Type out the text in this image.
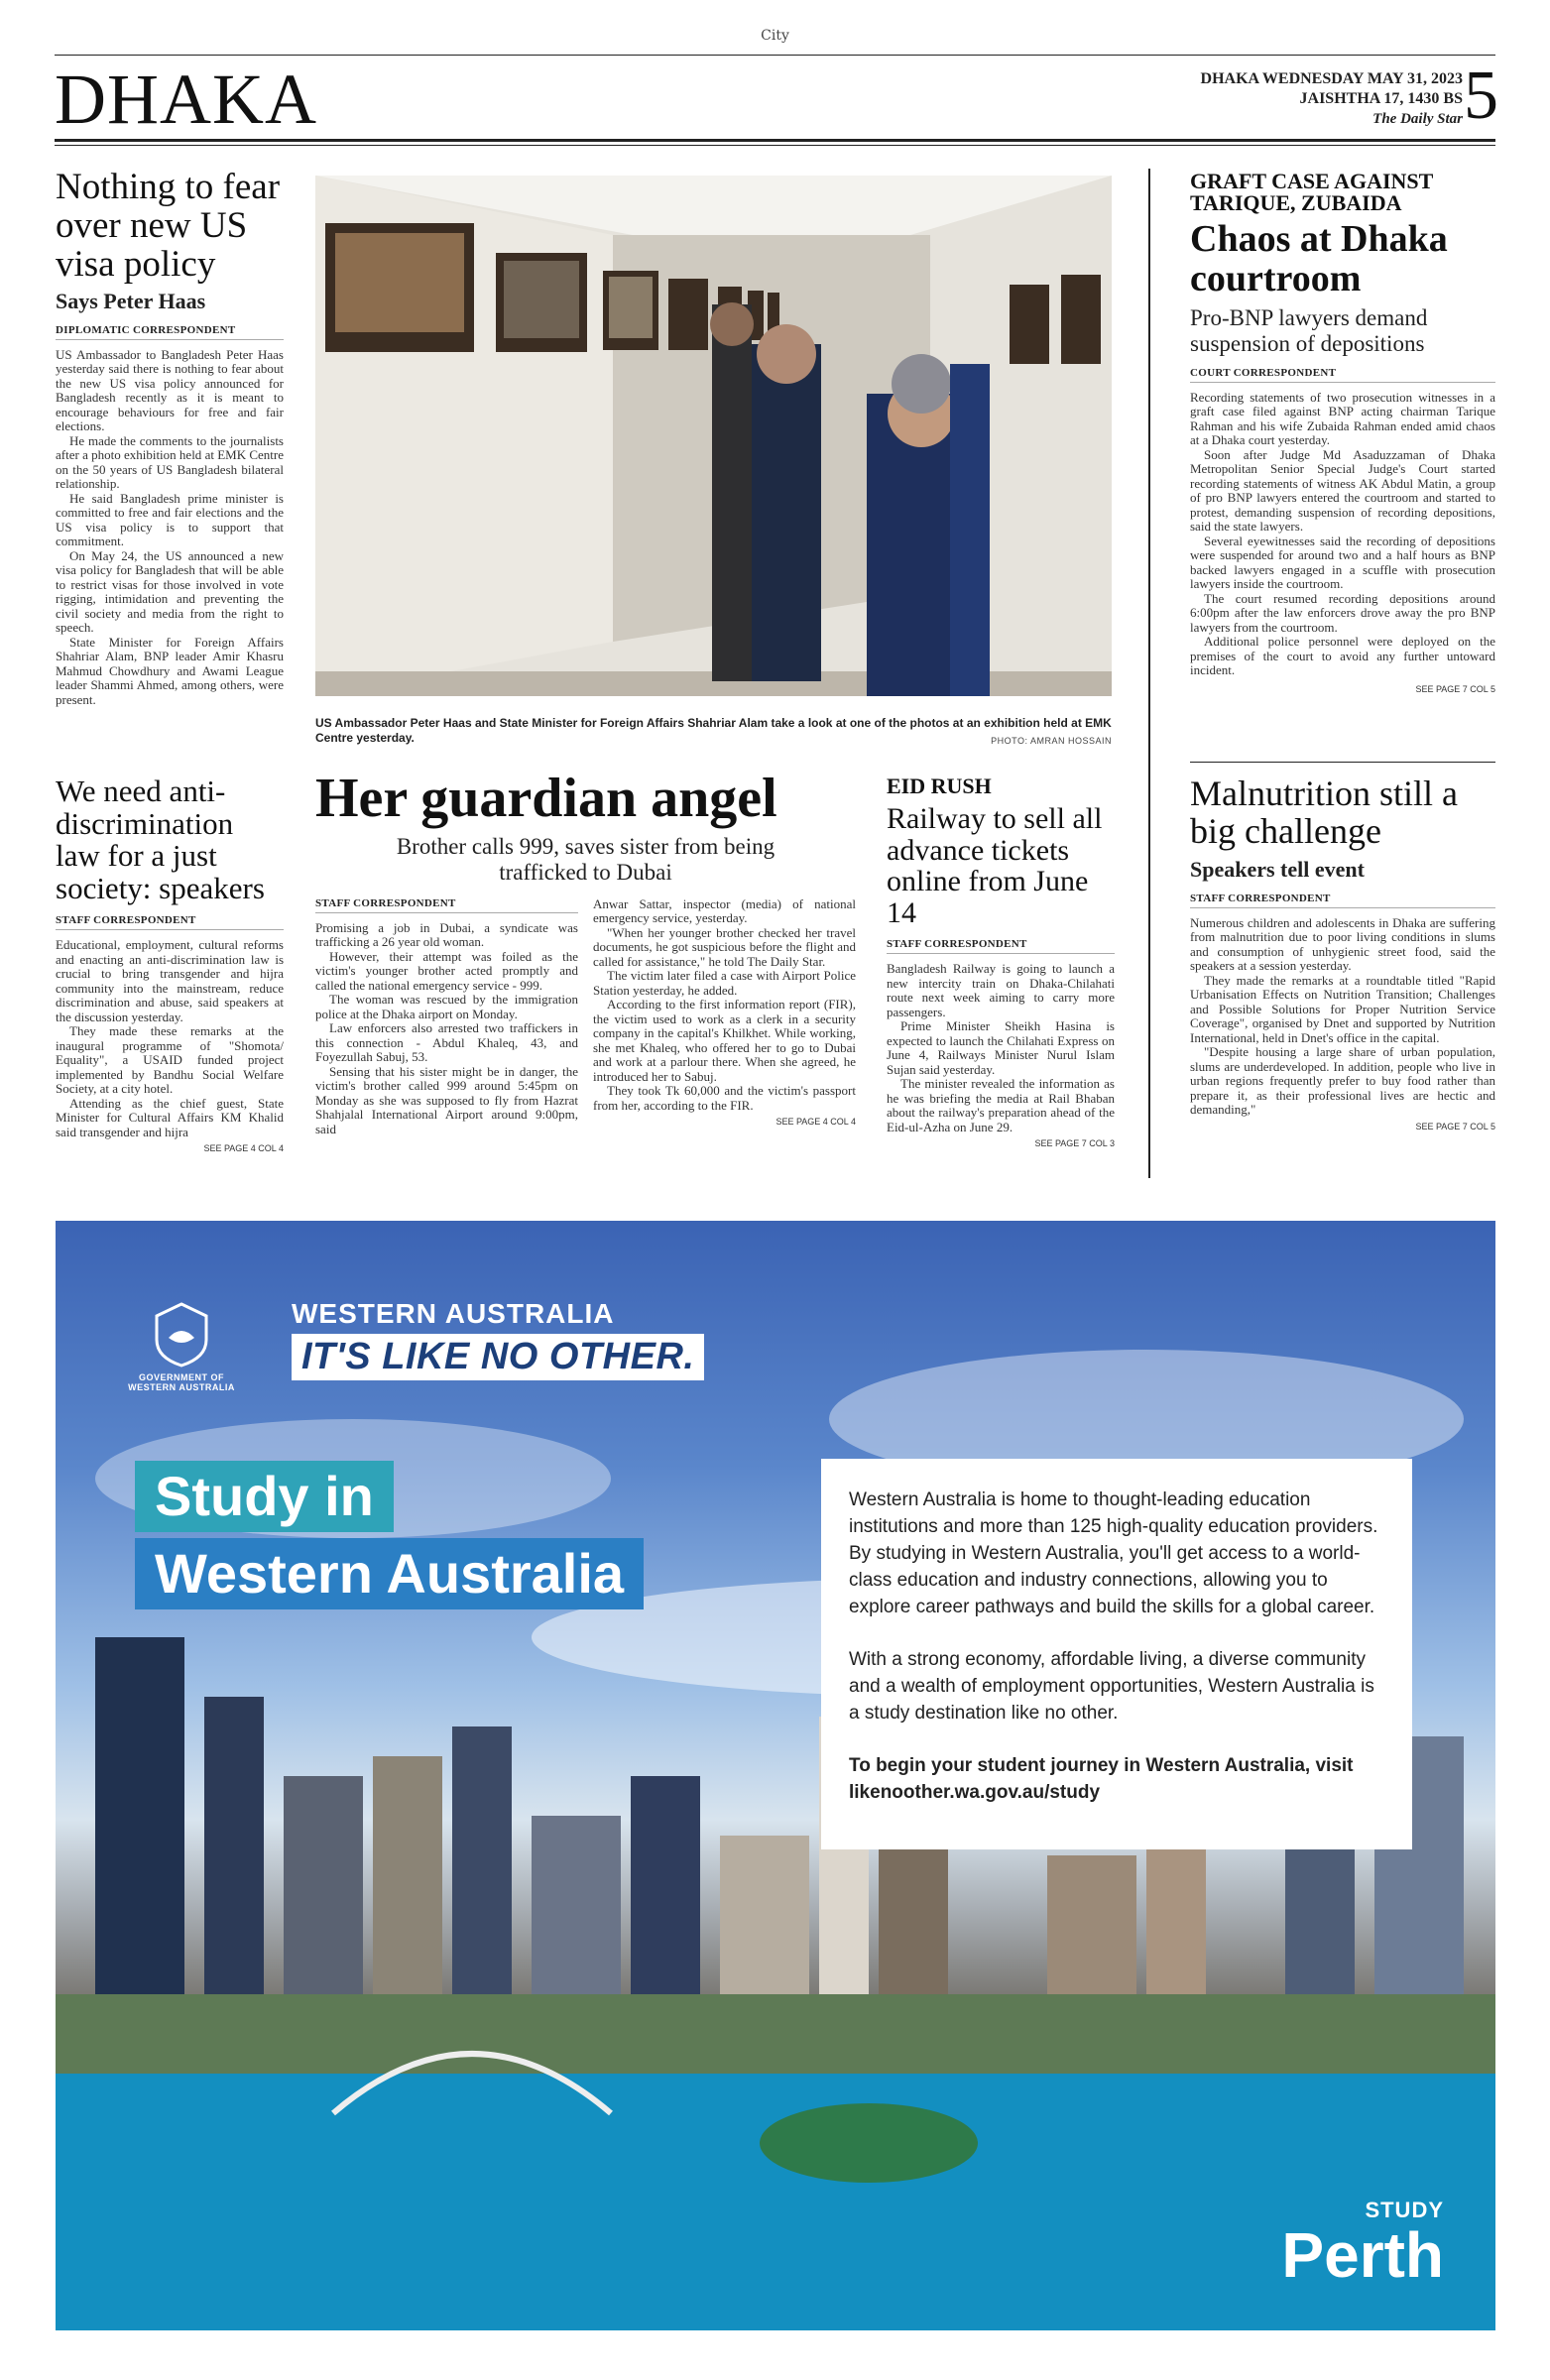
City
DHAKA	DHAKA WEDNESDAY MAY 31, 2023
JAISHTHA 17, 1430 BS
The Daily Star 5
Nothing to fear over new US visa policy
Says Peter Haas
DIPLOMATIC CORRESPONDENT

US Ambassador to Bangladesh Peter Haas yesterday said there is nothing to fear about the new US visa policy announced for Bangladesh recently as it is meant to encourage behaviours for free and fair elections.

He made the comments to the journalists after a photo exhibition held at EMK Centre on the 50 years of US Bangladesh bilateral relationship.

He said Bangladesh prime minister is committed to free and fair elections and the US visa policy is to support that commitment.

On May 24, the US announced a new visa policy for Bangladesh that will be able to restrict visas for those involved in vote rigging, intimidation and preventing the civil society and media from the right to speech.

State Minister for Foreign Affairs Shahriar Alam, BNP leader Amir Khasru Mahmud Chowdhury and Awami League leader Shammi Ahmed, among others, were present.

US Ambassador Peter Haas and State Minister for Foreign Affairs Shahriar Alam take a look at one of the photos at an exhibition held at EMK Centre yesterday.	PHOTO: AMRAN HOSSAIN
GRAFT CASE AGAINST TARIQUE, ZUBAIDA
Chaos at Dhaka courtroom
Pro-BNP lawyers demand suspension of depositions
COURT CORRESPONDENT

Recording statements of two prosecution witnesses in a graft case filed against BNP acting chairman Tarique Rahman and his wife Zubaida Rahman ended amid chaos at a Dhaka court yesterday.

Soon after Judge Md Asaduzzaman of Dhaka Metropolitan Senior Special Judge's Court started recording statements of witness AK Abdul Matin, a group of pro BNP lawyers entered the courtroom and started to protest, demanding suspension of recording depositions, said the state lawyers.

Several eyewitnesses said the recording of depositions were suspended for around two and a half hours as BNP backed lawyers engaged in a scuffle with prosecution lawyers inside the courtroom.

The court resumed recording depositions around 6:00pm after the law enforcers drove away the pro BNP lawyers from the courtroom.

Additional police personnel were deployed on the premises of the court to avoid any further untoward incident.

SEE PAGE 7 COL 5
We need anti-discrimination law for a just society: speakers
STAFF CORRESPONDENT

Educational, employment, cultural reforms and enacting an anti-discrimination law is crucial to bring transgender and hijra community into the mainstream, reduce discrimination and abuse, said speakers at the discussion yesterday.

They made these remarks at the inaugural programme of "Shomota/ Equality", a USAID funded project implemented by Bandhu Social Welfare Society, at a city hotel.

Attending as the chief guest, State Minister for Cultural Affairs KM Khalid said transgender and hijra

SEE PAGE 4 COL 4
Her guardian angel
Brother calls 999, saves sister from being trafficked to Dubai
STAFF CORRESPONDENT

Promising a job in Dubai, a syndicate was trafficking a 26 year old woman.

However, their attempt was foiled as the victim's younger brother acted promptly and called the national emergency service - 999.

The woman was rescued by the immigration police at the Dhaka airport on Monday.

Law enforcers also arrested two traffickers in this connection - Abdul Khaleq, 43, and Foyezullah Sabuj, 53.

Sensing that his sister might be in danger, the victim's brother called 999 around 5:45pm on Monday as she was supposed to fly from Hazrat Shahjalal International Airport around 9:00pm, said

Anwar Sattar, inspector (media) of national emergency service, yesterday.

"When her younger brother checked her travel documents, he got suspicious before the flight and called for assistance," he told The Daily Star.

The victim later filed a case with Airport Police Station yesterday, he added.

According to the first information report (FIR), the victim used to work as a clerk in a security company in the capital's Khilkhet. While working, she met Khaleq, who offered her to go to Dubai and work at a parlour there. When she agreed, he introduced her to Sabuj.

They took Tk 60,000 and the victim's passport from her, according to the FIR.

SEE PAGE 4 COL 4
EID RUSH
Railway to sell all advance tickets online from June 14
STAFF CORRESPONDENT

Bangladesh Railway is going to launch a new intercity train on Dhaka-Chilahati route next week aiming to carry more passengers.

Prime Minister Sheikh Hasina is expected to launch the Chilahati Express on June 4, Railways Minister Nurul Islam Sujan said yesterday.

The minister revealed the information as he was briefing the media at Rail Bhaban about the railway's preparation ahead of the Eid-ul-Azha on June 29.

SEE PAGE 7 COL 3
Malnutrition still a big challenge
Speakers tell event
STAFF CORRESPONDENT

Numerous children and adolescents in Dhaka are suffering from malnutrition due to poor living conditions in slums and consumption of unhygienic street food, said the speakers at a session yesterday.

They made the remarks at a roundtable titled "Rapid Urbanisation Effects on Nutrition Transition; Challenges and Possible Solutions for Proper Nutrition Service Coverage", organised by Dnet and supported by Nutrition International, held in Dnet's office in the capital.

"Despite housing a large share of urban population, slums are underdeveloped. In addition, people who live in urban regions frequently prefer to buy food rather than prepare it, as their professional lives are hectic and demanding,"

SEE PAGE 7 COL 5
GOVERNMENT OF
WESTERN AUSTRALIA
WESTERN AUSTRALIA
IT'S LIKE NO OTHER.
Study in
Western Australia
Western Australia is home to thought-leading education institutions and more than 125 high-quality education providers. By studying in Western Australia, you'll get access to a world-class education and industry connections, allowing you to explore career pathways and build the skills for a global career.
With a strong economy, affordable living, a diverse community and a wealth of employment opportunities, Western Australia is a study destination like no other.
To begin your student journey in Western Australia, visit likenoother.wa.gov.au/study
STUDY
Perth
